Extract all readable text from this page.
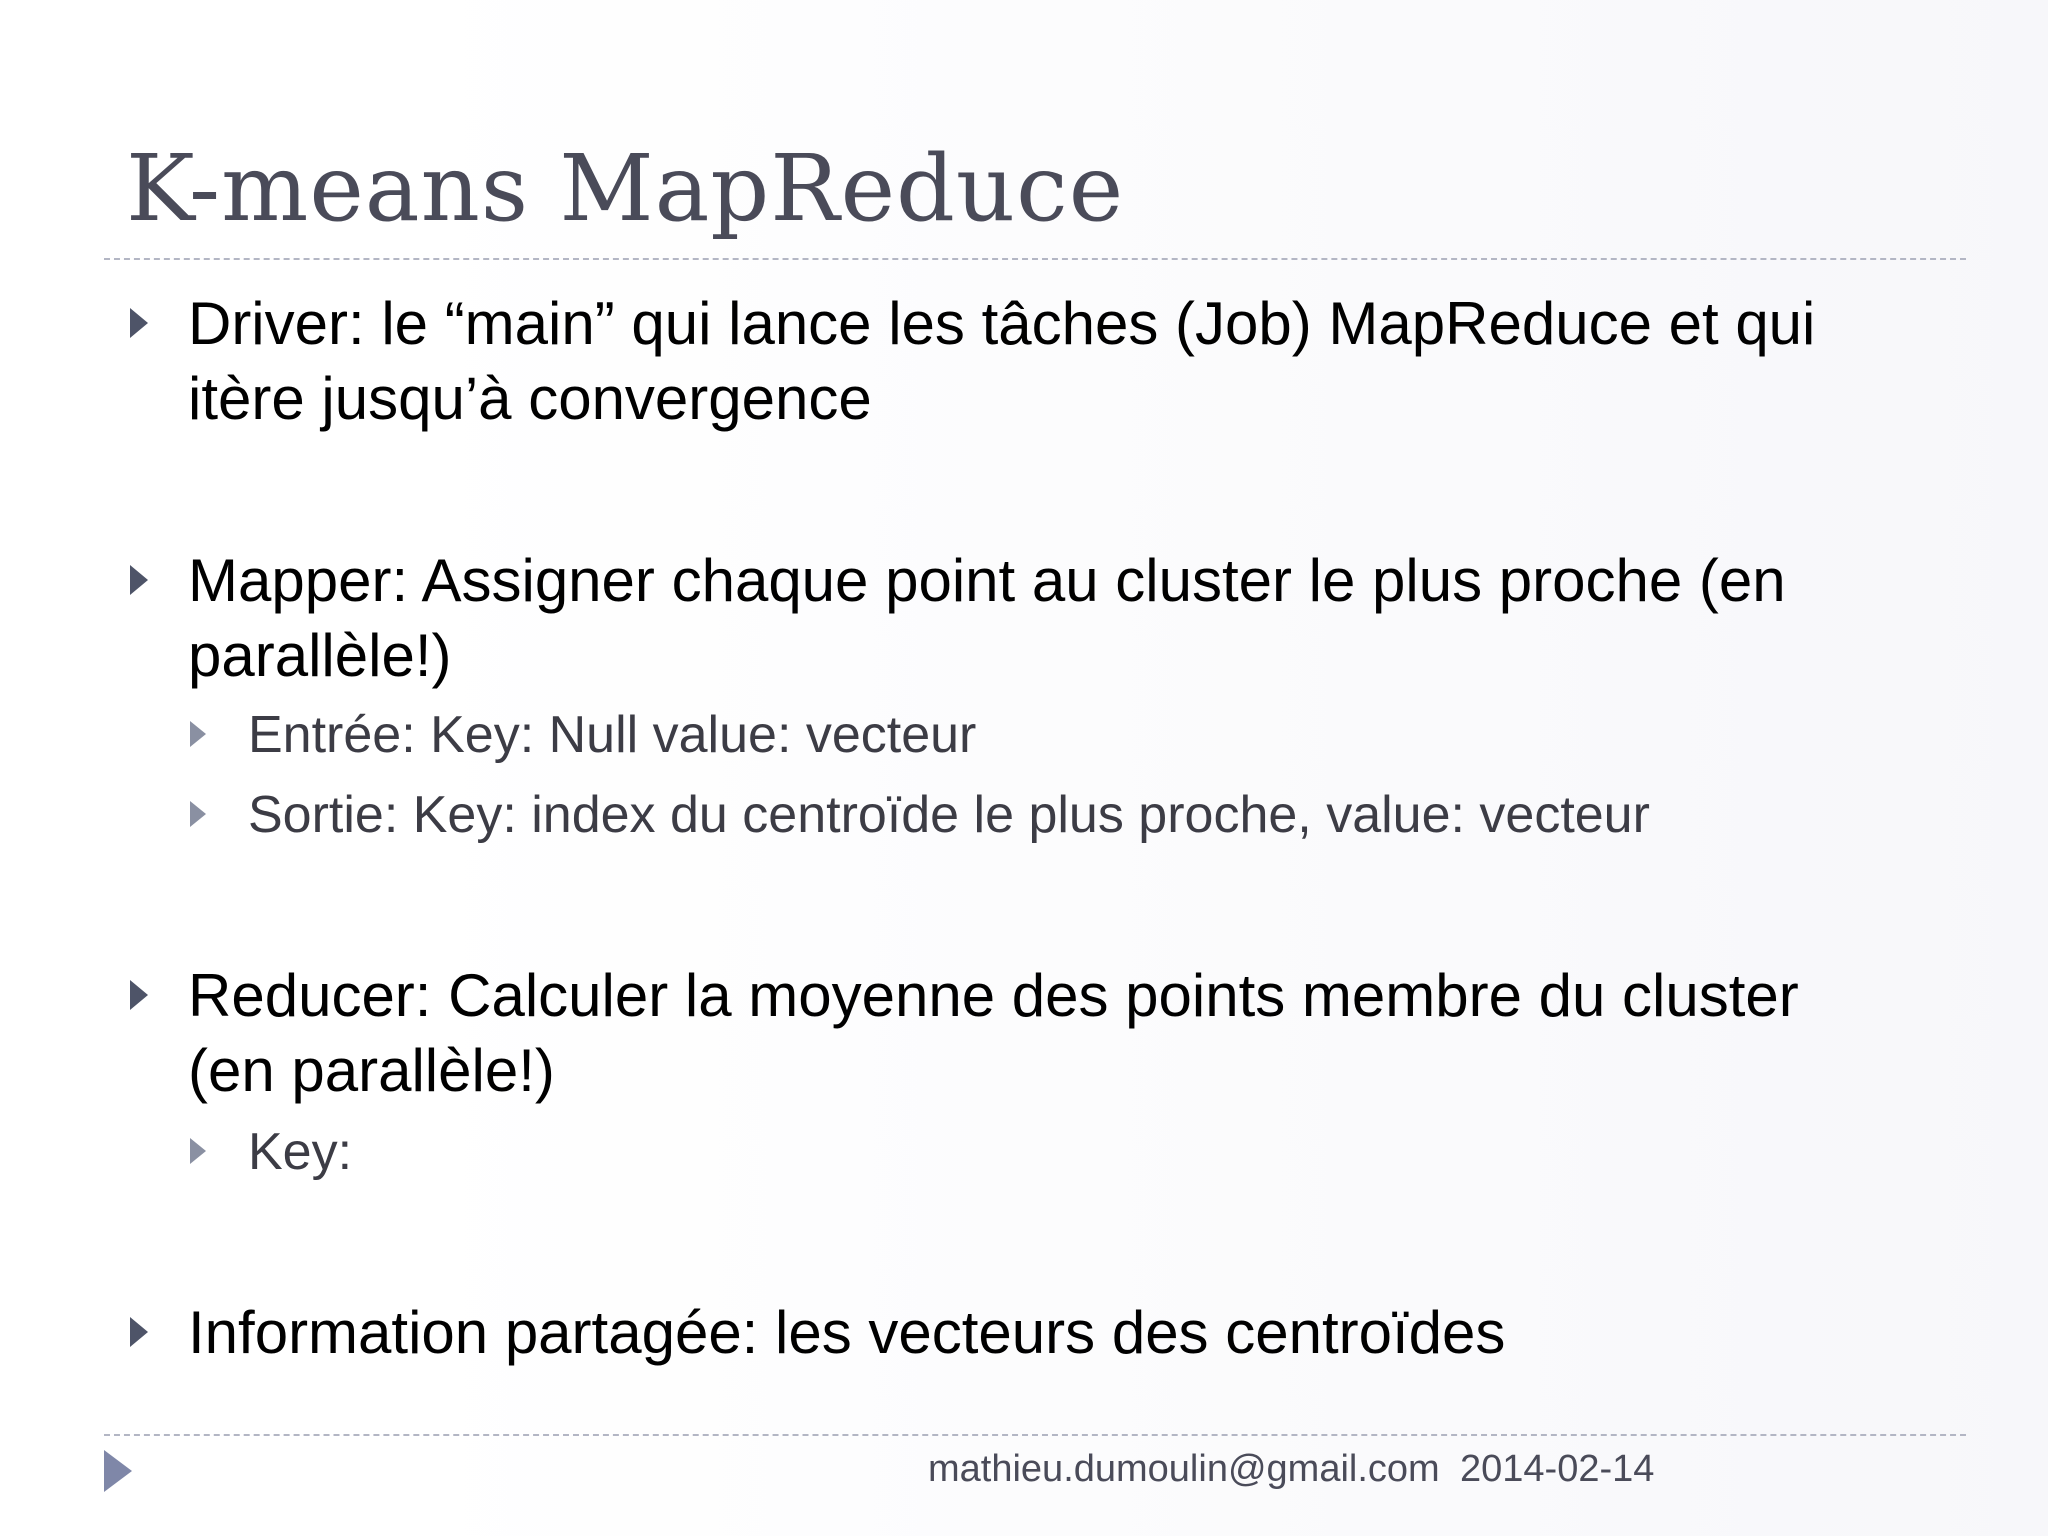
K-means MapReduce
Driver: le “main” qui lance les tâches (Job) MapReduce et qui itère jusqu’à convergence
Mapper: Assigner chaque point au cluster le plus proche (en parallèle!)
Entrée: Key: Null value: vecteur
Sortie: Key: index du centroïde le plus proche, value: vecteur
Reducer: Calculer la moyenne des points membre du cluster (en parallèle!)
Key:
Information partagée: les vecteurs des centroïdes
mathieu.dumoulin@gmail.com 2014-02-14
